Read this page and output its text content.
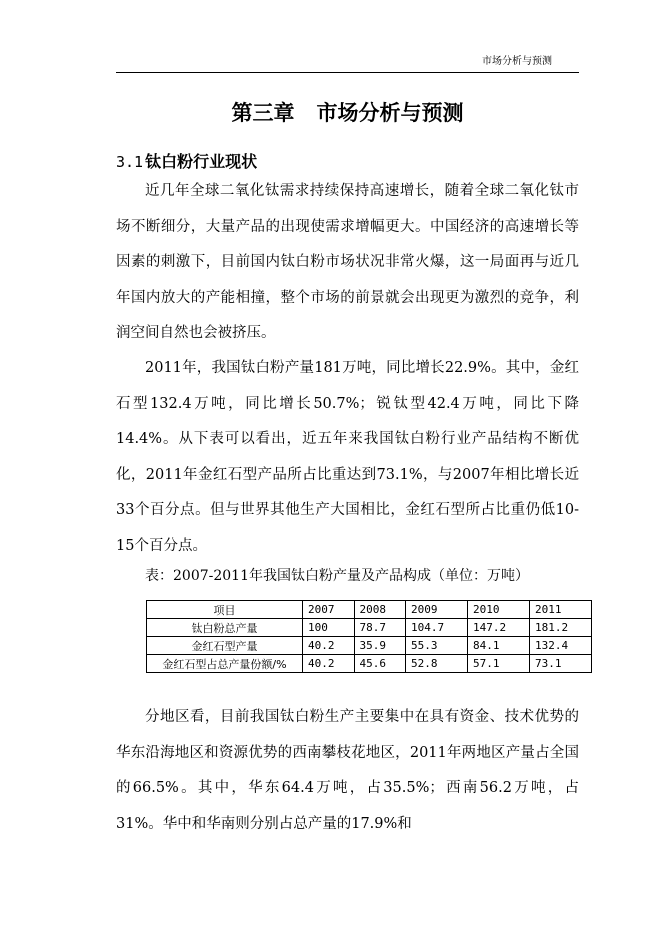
市场分析与预测
第三章   市场分析与预测
3.1 钛白粉行业现状

近几年全球二氧化钛需求持续保持高速增长，随着全球二氧化钛市场不断细分，大量产品的出现使需求增幅更大。中国经济的高速增长等因素的刺激下，目前国内钛白粉市场状况非常火爆，这一局面再与近几年国内放大的产能相撞，整个市场的前景就会出现更为激烈的竞争，利润空间自然也会被挤压。

2011年，我国钛白粉产量181万吨，同比增长22.9%。其中，金红石型132.4万吨，同比增长50.7%；锐钛型42.4万吨，同比下降14.4%。从下表可以看出，近五年来我国钛白粉行业产品结构不断优化，2011年金红石型产品所占比重达到73.1%，与2007年相比增长近33个百分点。但与世界其他生产大国相比，金红石型所占比重仍低10-15个百分点。

表：2007-2011年我国钛白粉产量及产品构成（单位：万吨）
项目	2007	2008	2009	2010	2011
钛白粉总产量	100	78.7	104.7	147.2	181.2
金红石型产量	40.2	35.9	55.3	84.1	132.4
金红石型占总产量份额/%	40.2	45.6	52.8	57.1	73.1

分地区看，目前我国钛白粉生产主要集中在具有资金、技术优势的华东沿海地区和资源优势的西南攀枝花地区，2011年两地区产量占全国的66.5%。其中，华东64.4万吨，占35.5%；西南56.2万吨，占31%。华中和华南则分别占总产量的17.9%和
